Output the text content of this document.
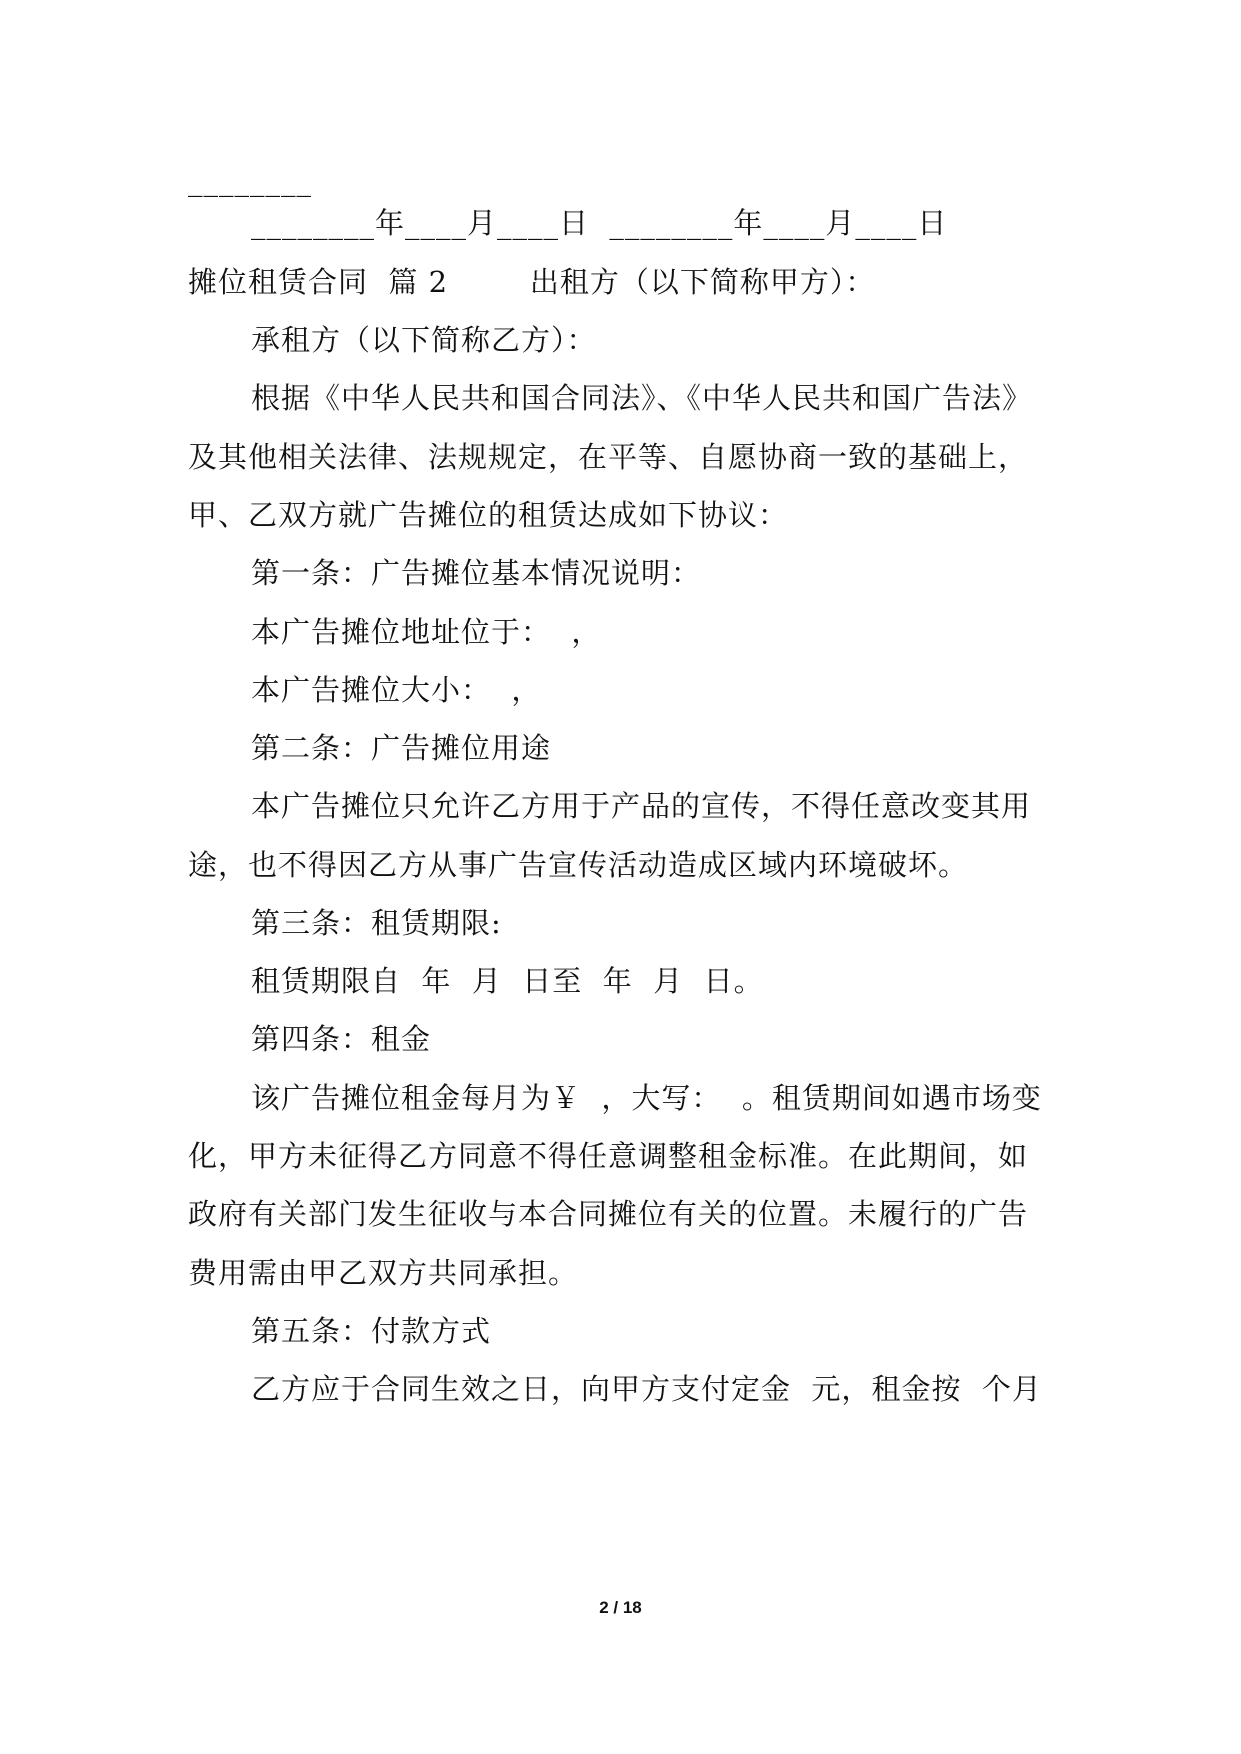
________
________年____月____日  ________年____月____日
摊位租赁合同  篇 2        出租方（以下简称甲方）：
承租方（以下简称乙方）：
根据《中华人民共和国合同法》、《中华人民共和国广告法》
及其他相关法律、法规规定，在平等、自愿协商一致的基础上，
甲、乙双方就广告摊位的租赁达成如下协议：
第一条：广告摊位基本情况说明：
本广告摊位地址位于：  ，
本广告摊位大小：  ，
第二条：广告摊位用途
本广告摊位只允许乙方用于产品的宣传，不得任意改变其用
途，也不得因乙方从事广告宣传活动造成区域内环境破坏。
第三条：租赁期限:
租赁期限自  年  月  日至  年  月  日。
第四条：租金
该广告摊位租金每月为￥  ，大写：  。租赁期间如遇市场变
化，甲方未征得乙方同意不得任意调整租金标准。在此期间，如
政府有关部门发生征收与本合同摊位有关的位置。未履行的广告
费用需由甲乙双方共同承担。
第五条：付款方式
乙方应于合同生效之日，向甲方支付定金  元，租金按  个月
2 / 18
